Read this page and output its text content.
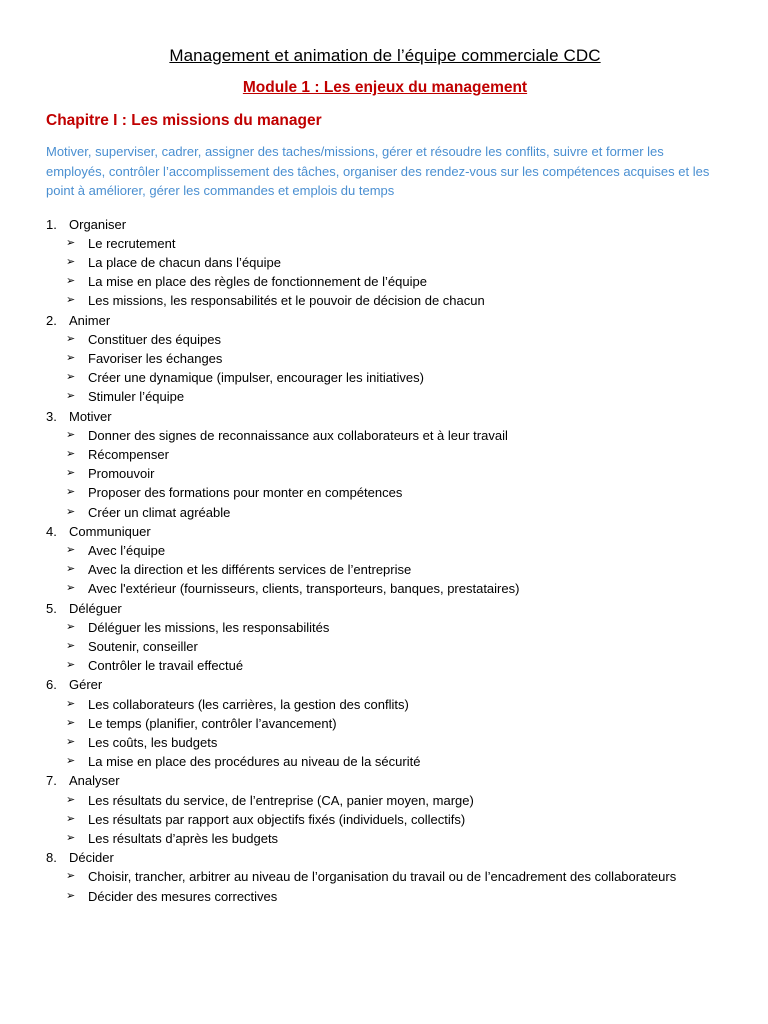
Management et animation de l’équipe commerciale CDC
Module 1 : Les enjeux du management
Chapitre I : Les missions du manager

Motiver, superviser, cadrer, assigner des taches/missions, gérer et résoudre les conflits, suivre et former les employés, contrôler l’accomplissement des tâches, organiser des rendez-vous sur les compétences acquises et les point à améliorer, gérer les commandes et emplois du temps

1. Organiser
➢ Le recrutement
➢ La place de chacun dans l’équipe
➢ La mise en place des règles de fonctionnement de l’équipe
➢ Les missions, les responsabilités et le pouvoir de décision de chacun
2. Animer
➢ Constituer des équipes
➢ Favoriser les échanges
➢ Créer une dynamique (impulser, encourager les initiatives)
➢ Stimuler l’équipe
3. Motiver
➢ Donner des signes de reconnaissance aux collaborateurs et à leur travail
➢ Récompenser
➢ Promouvoir
➢ Proposer des formations pour monter en compétences
➢ Créer un climat agréable
4. Communiquer
➢ Avec l’équipe
➢ Avec la direction et les différents services de l’entreprise
➢ Avec l'extérieur (fournisseurs, clients, transporteurs, banques, prestataires)
5. Déléguer
➢ Déléguer les missions, les responsabilités
➢ Soutenir, conseiller
➢ Contrôler le travail effectué
6. Gérer
➢ Les collaborateurs (les carrières, la gestion des conflits)
➢ Le temps (planifier, contrôler l’avancement)
➢ Les coûts, les budgets
➢ La mise en place des procédures au niveau de la sécurité
7. Analyser
➢ Les résultats du service, de l’entreprise (CA, panier moyen, marge)
➢ Les résultats par rapport aux objectifs fixés (individuels, collectifs)
➢ Les résultats d’après les budgets
8. Décider
➢ Choisir, trancher, arbitrer au niveau de l’organisation du travail ou de l’encadrement des collaborateurs
➢ Décider des mesures correctives
